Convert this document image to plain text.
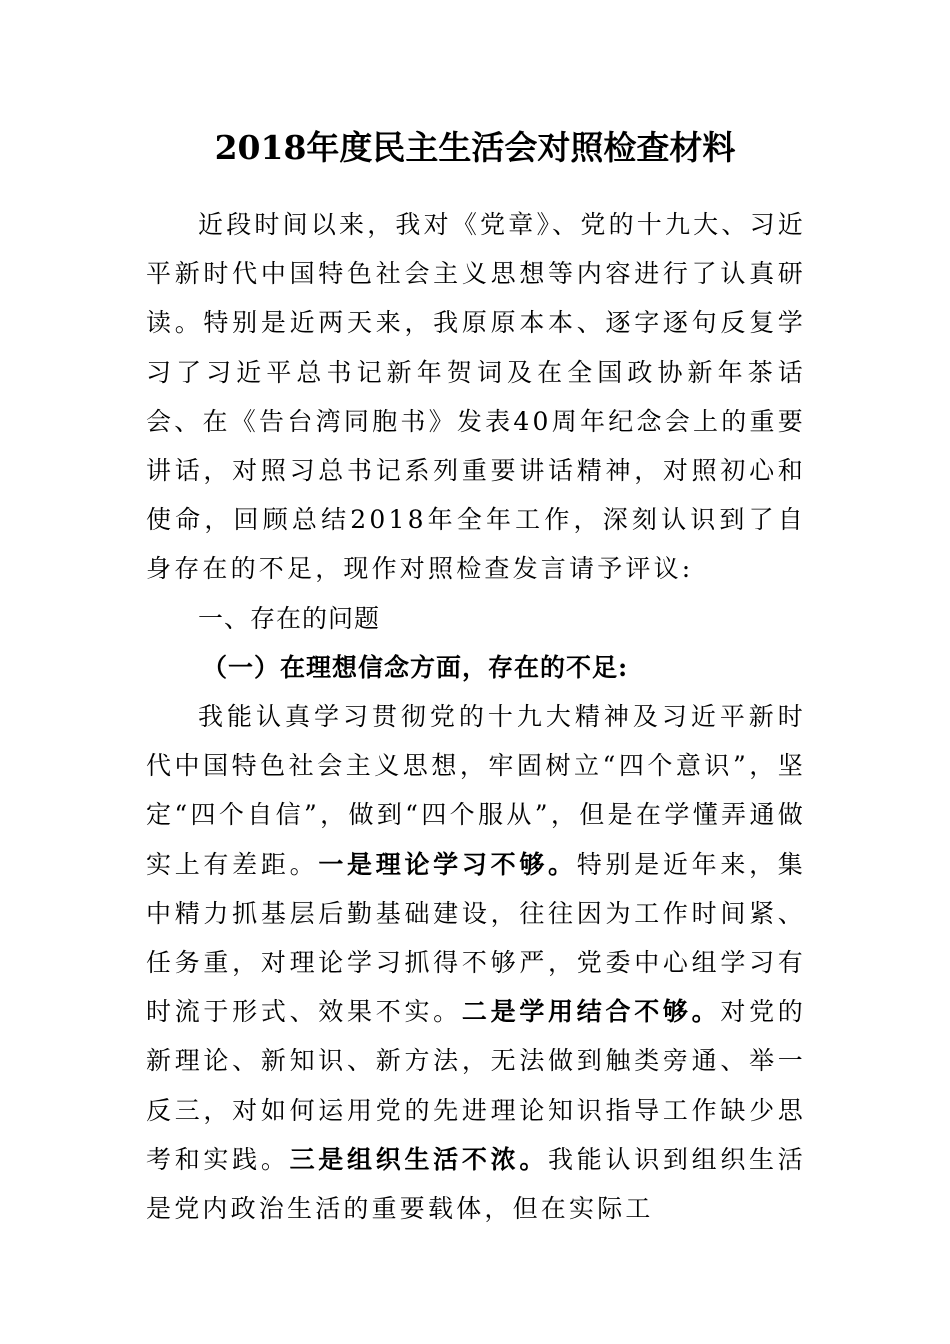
2018年度民主生活会对照检查材料

近段时间以来，我对《党章》、党的十九大、习近平新时代中国特色社会主义思想等内容进行了认真研读。特别是近两天来，我原原本本、逐字逐句反复学习了习近平总书记新年贺词及在全国政协新年茶话会、在《告台湾同胞书》发表40周年纪念会上的重要讲话，对照习总书记系列重要讲话精神，对照初心和使命，回顾总结2018年全年工作，深刻认识到了自身存在的不足，现作对照检查发言请予评议:

一、存在的问题

（一）在理想信念方面，存在的不足:

我能认真学习贯彻党的十九大精神及习近平新时代中国特色社会主义思想，牢固树立“四个意识”，坚定“四个自信”，做到“四个服从”，但是在学懂弄通做实上有差距。一是理论学习不够。特别是近年来，集中精力抓基层后勤基础建设，往往因为工作时间紧、任务重，对理论学习抓得不够严，党委中心组学习有时流于形式、效果不实。二是学用结合不够。对党的新理论、新知识、新方法，无法做到触类旁通、举一反三，对如何运用党的先进理论知识指导工作缺少思考和实践。三是组织生活不浓。我能认识到组织生活是党内政治生活的重要载体，但在实际工
